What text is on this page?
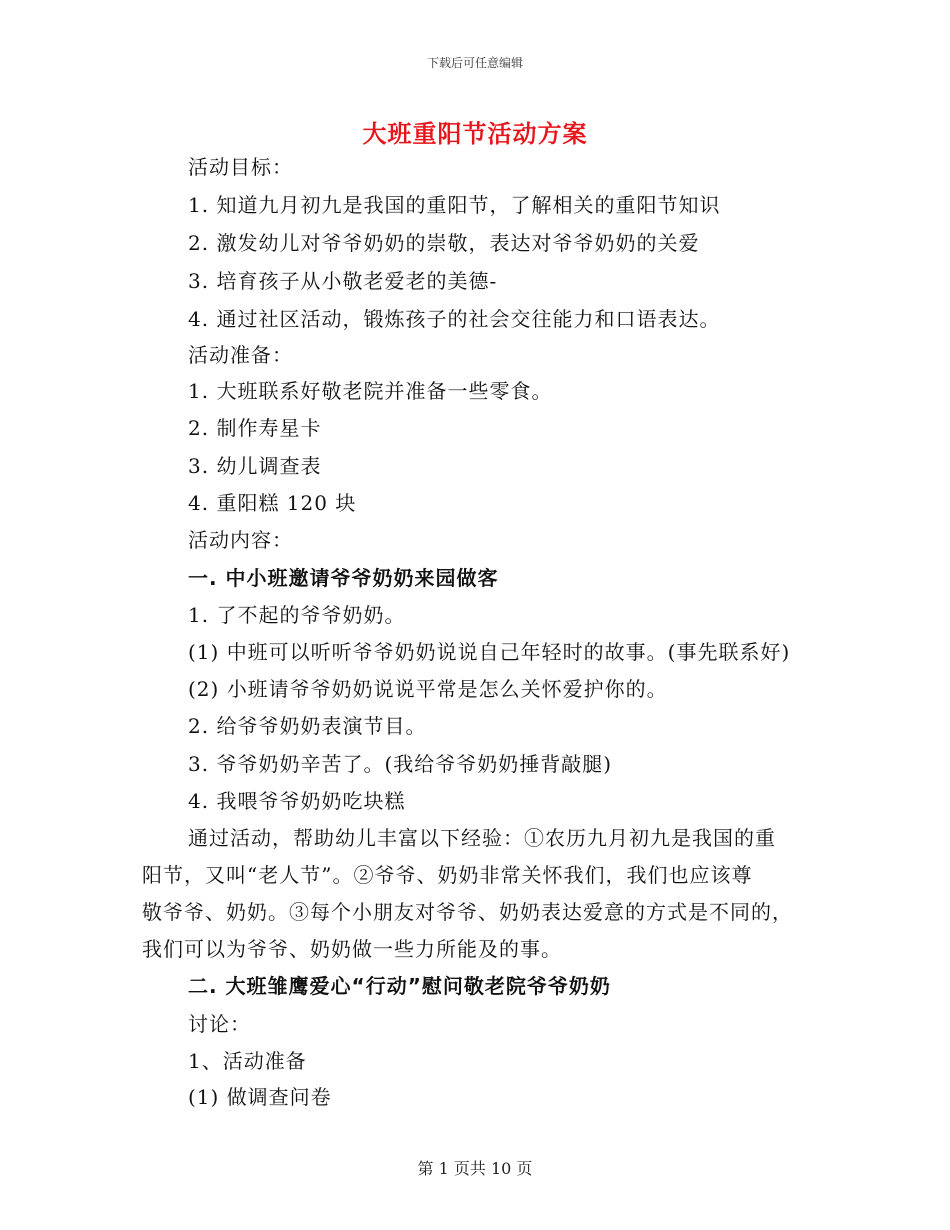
下载后可任意编辑
大班重阳节活动方案
活动目标：
1. 知道九月初九是我国的重阳节，了解相关的重阳节知识
2. 激发幼儿对爷爷奶奶的崇敬，表达对爷爷奶奶的关爱
3. 培育孩子从小敬老爱老的美德-
4. 通过社区活动，锻炼孩子的社会交往能力和口语表达。
活动准备：
1. 大班联系好敬老院并准备一些零食。
2. 制作寿星卡
3. 幼儿调查表
4. 重阳糕 120 块
活动内容：
一. 中小班邀请爷爷奶奶来园做客
1. 了不起的爷爷奶奶。
(1) 中班可以听听爷爷奶奶说说自己年轻时的故事。(事先联系好)
(2) 小班请爷爷奶奶说说平常是怎么关怀爱护你的。
2. 给爷爷奶奶表演节目。
3. 爷爷奶奶辛苦了。(我给爷爷奶奶捶背敲腿)
4. 我喂爷爷奶奶吃块糕
通过活动，帮助幼儿丰富以下经验：①农历九月初九是我国的重
阳节，又叫“老人节”。②爷爷、奶奶非常关怀我们，我们也应该尊
敬爷爷、奶奶。③每个小朋友对爷爷、奶奶表达爱意的方式是不同的，
我们可以为爷爷、奶奶做一些力所能及的事。
二. 大班雏鹰爱心“行动”慰问敬老院爷爷奶奶
讨论：
1、活动准备
(1) 做调查问卷
第 1 页共 10 页
